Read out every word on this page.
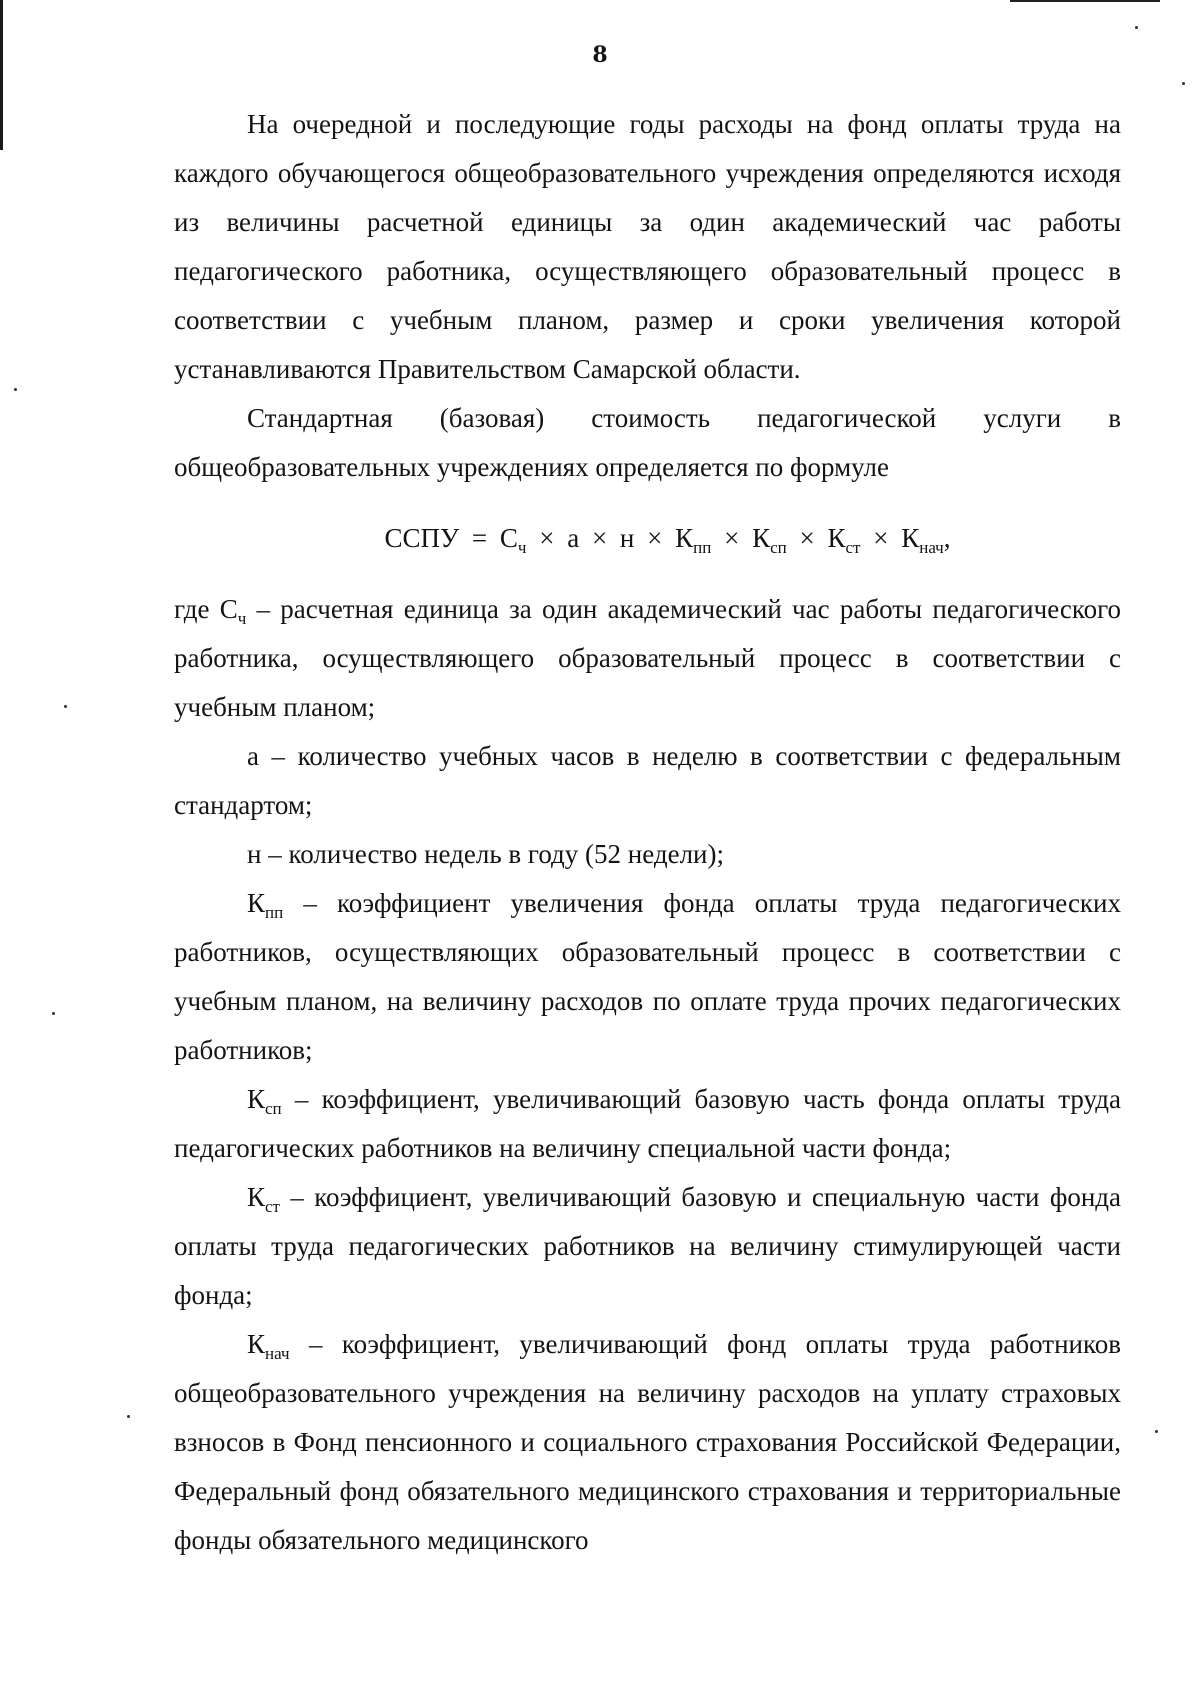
8

На очередной и последующие годы расходы на фонд оплаты труда на каждого обучающегося общеобразовательного учреждения определяются исходя из величины расчетной единицы за один академический час работы педагогического работника, осуществляющего образовательный процесс в соответствии с учебным планом, размер и сроки увеличения которой устанавливаются Правительством Самарской области.

Стандартная (базовая) стоимость педагогической услуги в общеобразовательных учреждениях определяется по формуле

ССПУ = $С_ч \times а \times н \times К_{пп} \times К_{сп} \times К_{ст} \times К_{нач}$,

где $С_ч$ – расчетная единица за один академический час работы педагогического работника, осуществляющего образовательный процесс в соответствии с учебным планом;

а – количество учебных часов в неделю в соответствии с федеральным стандартом;

н – количество недель в году (52 недели);

$К_{пп}$ – коэффициент увеличения фонда оплаты труда педагогических работников, осуществляющих образовательный процесс в соответствии с учебным планом, на величину расходов по оплате труда прочих педагогических работников;

$К_{сп}$ – коэффициент, увеличивающий базовую часть фонда оплаты труда педагогических работников на величину специальной части фонда;

$К_{ст}$ – коэффициент, увеличивающий базовую и специальную части фонда оплаты труда педагогических работников на величину стимулирующей части фонда;

$К_{нач}$ – коэффициент, увеличивающий фонд оплаты труда работников общеобразовательного учреждения на величину расходов на уплату страховых взносов в Фонд пенсионного и социального страхования Российской Федерации, Федеральный фонд обязательного медицинского страхования и территориальные фонды обязательного медицинского
